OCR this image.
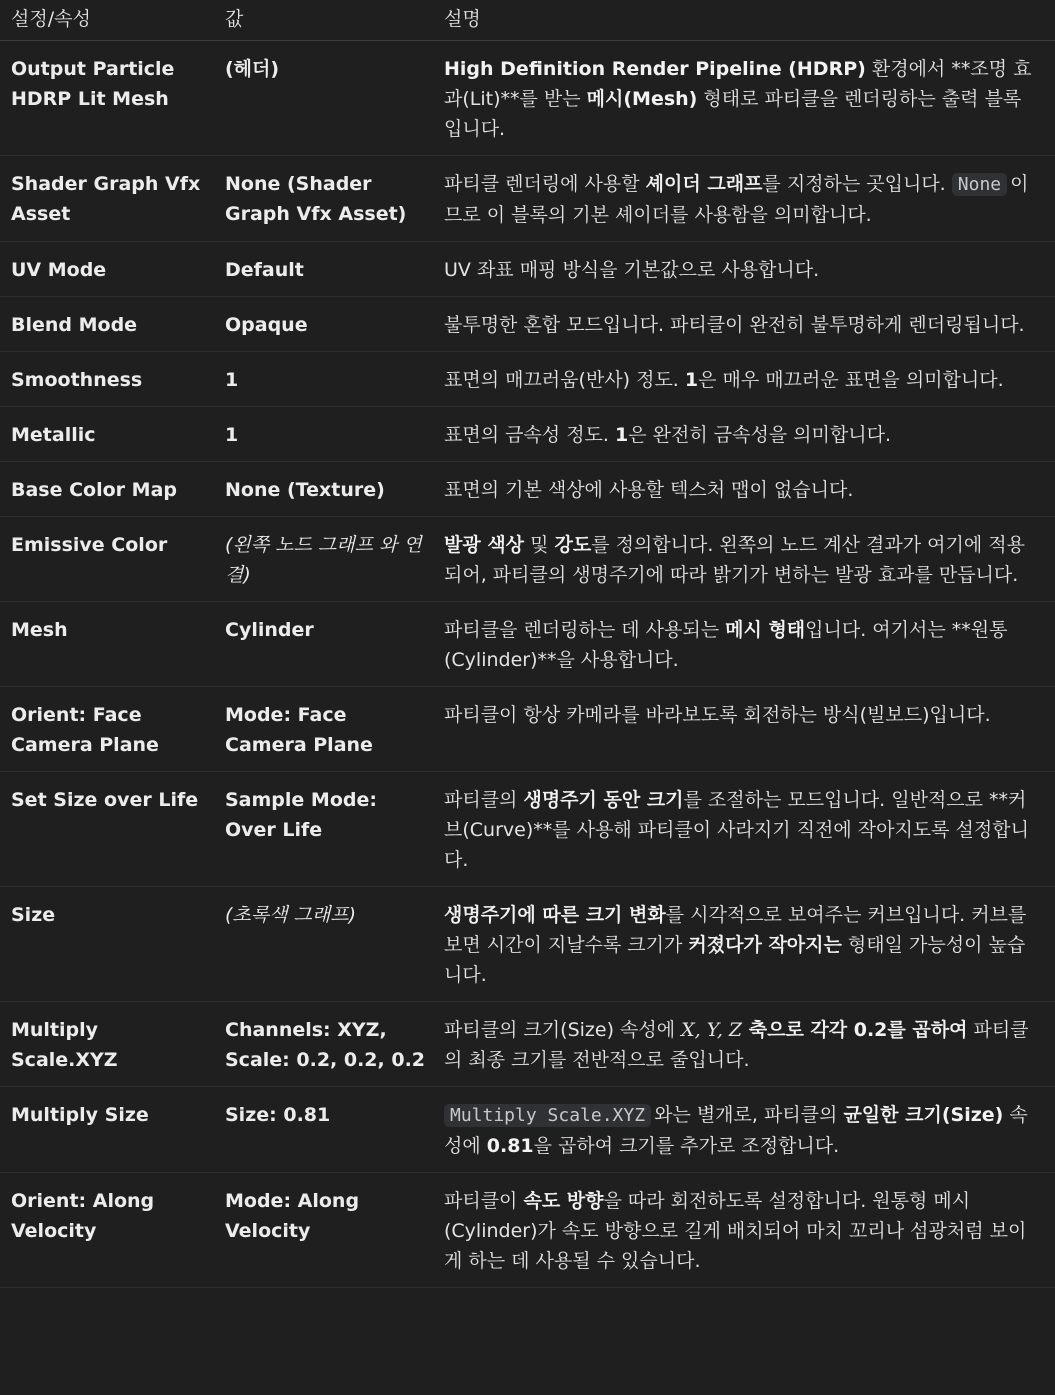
설정/속성	값	설명
Output Particle HDRP Lit Mesh	(헤더)	High Definition Render Pipeline (HDRP) 환경에서 **조명 효과(Lit)**를 받는 메시(Mesh) 형태로 파티클을 렌더링하는 출력 블록입니다.
Shader Graph Vfx Asset	None (Shader Graph Vfx Asset)	파티클 렌더링에 사용할 셰이더 그래프를 지정하는 곳입니다. None 이므로 이 블록의 기본 셰이더를 사용함을 의미합니다.
UV Mode	Default	UV 좌표 매핑 방식을 기본값으로 사용합니다.
Blend Mode	Opaque	불투명한 혼합 모드입니다. 파티클이 완전히 불투명하게 렌더링됩니다.
Smoothness	1	표면의 매끄러움(반사) 정도. 1은 매우 매끄러운 표면을 의미합니다.
Metallic	1	표면의 금속성 정도. 1은 완전히 금속성을 의미합니다.
Base Color Map	None (Texture)	표면의 기본 색상에 사용할 텍스처 맵이 없습니다.
Emissive Color	(왼쪽 노드 그래프 와 연결)	발광 색상 및 강도를 정의합니다. 왼쪽의 노드 계산 결과가 여기에 적용되어, 파티클의 생명주기에 따라 밝기가 변하는 발광 효과를 만듭니다.
Mesh	Cylinder	파티클을 렌더링하는 데 사용되는 메시 형태입니다. 여기서는 **원통(Cylinder)**을 사용합니다.
Orient: Face Camera Plane	Mode: Face Camera Plane	파티클이 항상 카메라를 바라보도록 회전하는 방식(빌보드)입니다.
Set Size over Life	Sample Mode: Over Life	파티클의 생명주기 동안 크기를 조절하는 모드입니다. 일반적으로 **커브(Curve)**를 사용해 파티클이 사라지기 직전에 작아지도록 설정합니다.
Size	(초록색 그래프)	생명주기에 따른 크기 변화를 시각적으로 보여주는 커브입니다. 커브를 보면 시간이 지날수록 크기가 커졌다가 작아지는 형태일 가능성이 높습니다.
Multiply Scale.XYZ	Channels: XYZ, Scale: 0.2, 0.2, 0.2	파티클의 크기(Size) 속성에 X, Y, Z 축으로 각각 0.2를 곱하여 파티클의 최종 크기를 전반적으로 줄입니다.
Multiply Size	Size: 0.81	Multiply Scale.XYZ 와는 별개로, 파티클의 균일한 크기(Size) 속성에 0.81을 곱하여 크기를 추가로 조정합니다.
Orient: Along Velocity	Mode: Along Velocity	파티클이 속도 방향을 따라 회전하도록 설정합니다. 원통형 메시(Cylinder)가 속도 방향으로 길게 배치되어 마치 꼬리나 섬광처럼 보이게 하는 데 사용될 수 있습니다.
